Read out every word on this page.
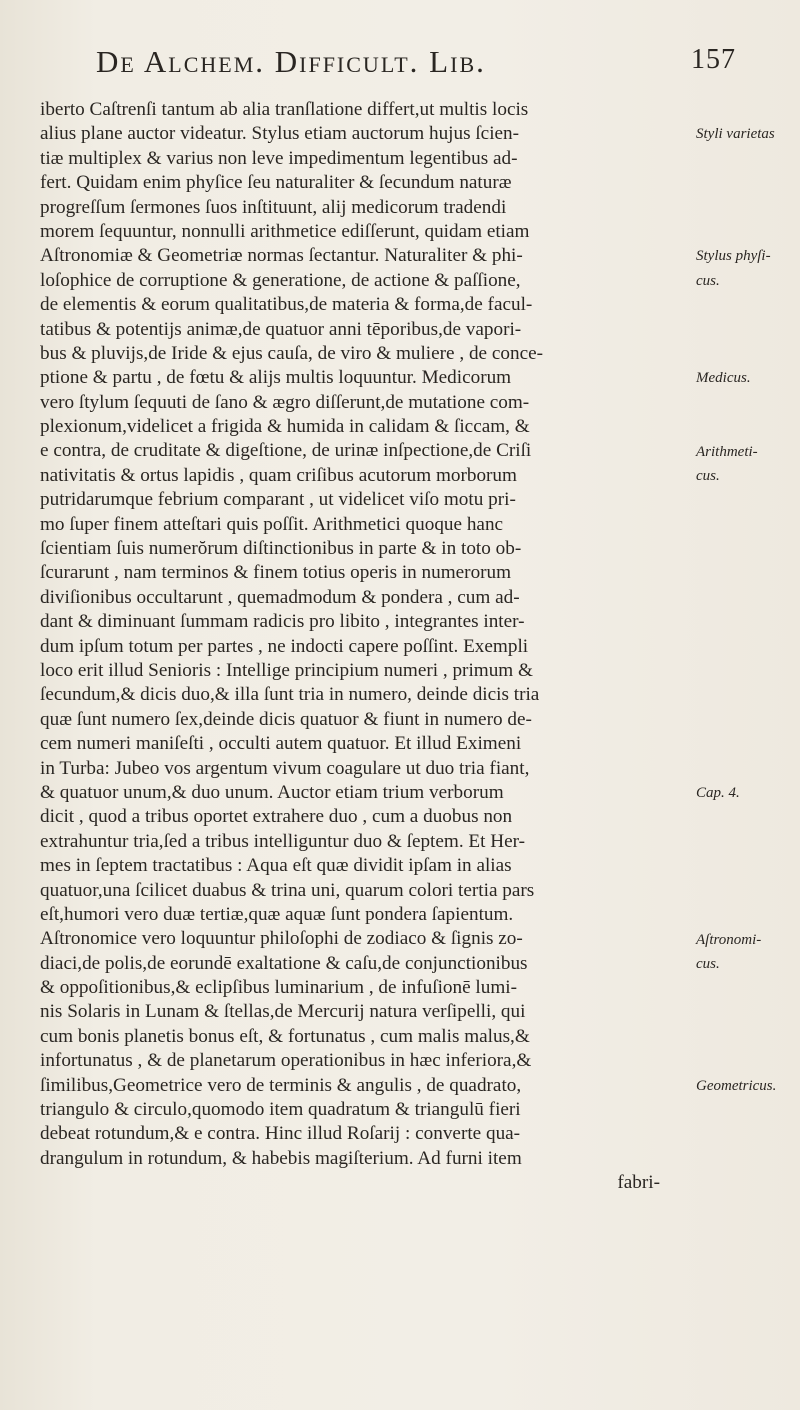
De Alchem. Difficult. Lib.	157
iberto Caſtrenſi tantum ab alia tranſlatione differt,ut multis locis
alius plane auctor videatur. Stylus etiam auctorum hujus ſcien-
tiæ multiplex & varius non leve impedimentum legentibus ad-
fert. Quidam enim phyſice ſeu naturaliter & ſecundum naturæ
progreſſum ſermones ſuos inſtituunt, alij medicorum tradendi
morem ſequuntur, nonnulli arithmetice ediſſerunt, quidam etiam
Aſtronomiæ & Geometriæ normas ſectantur. Naturaliter & phi-
loſophice de corruptione & generatione, de actione & paſſione,
de elementis & eorum qualitatibus,de materia & forma,de facul-
tatibus & potentijs animæ,de quatuor anni tēporibus,de vapori-
bus & pluvijs,de Iride & ejus cauſa, de viro & muliere , de conce-
ptione & partu , de fœtu & alijs multis loquuntur. Medicorum
vero ſtylum ſequuti de ſano & ægro diſſerunt,de mutatione com-
plexionum,videlicet a frigida & humida in calidam & ſiccam, &
e contra, de cruditate & digeſtione, de urinæ inſpectione,de Criſi
nativitatis & ortus lapidis , quam criſibus acutorum morborum
putridarumque febrium comparant , ut videlicet viſo motu pri-
mo ſuper finem atteſtari quis poſſit. Arithmetici quoque hanc
ſcientiam ſuis numerŏrum diſtinctionibus in parte & in toto ob-
ſcurarunt , nam terminos & finem totius operis in numerorum
diviſionibus occultarunt , quemadmodum & pondera , cum ad-
dant & diminuant ſummam radicis pro libito , integrantes inter-
dum ipſum totum per partes , ne indocti capere poſſint. Exempli
loco erit illud Senioris : Intellige principium numeri , primum &
ſecundum,& dicis duo,& illa ſunt tria in numero, deinde dicis tria
quæ ſunt numero ſex,deinde dicis quatuor & fiunt in numero de-
cem numeri maniſeſti , occulti autem quatuor. Et illud Eximeni
in Turba: Jubeo vos argentum vivum coagulare ut duo tria fiant,
& quatuor unum,& duo unum. Auctor etiam trium verborum
dicit , quod a tribus oportet extrahere duo , cum a duobus non
extrahuntur tria,ſed a tribus intelliguntur duo & ſeptem. Et Her-
mes in ſeptem tractatibus : Aqua eſt quæ dividit ipſam in alias
quatuor,una ſcilicet duabus & trina uni, quarum colori tertia pars
eſt,humori vero duæ tertiæ,quæ aquæ ſunt pondera ſapientum.
Aſtronomice vero loquuntur philoſophi de zodiaco & ſignis zo-
diaci,de polis,de eorundē exaltatione & caſu,de conjunctionibus
& oppoſitionibus,& eclipſibus luminarium , de infuſionē lumi-
nis Solaris in Lunam & ſtellas,de Mercurij natura verſipelli, qui
cum bonis planetis bonus eſt, & fortunatus , cum malis malus,&
infortunatus , & de planetarum operationibus in hæc inferiora,&
ſimilibus,Geometrice vero de terminis & angulis , de quadrato,
triangulo & circulo,quomodo item quadratum & triangulū fieri
debeat rotundum,& e contra. Hinc illud Roſarij : converte qua-
drangulum in rotundum, & habebis magiſterium. Ad furni item
fabri-
Styli varietas
Stylus phyſi-
cus.
Medicus.
Arithmeti-
cus.
Cap. 4.
Aſtronomi-
cus.
Geometricus.
